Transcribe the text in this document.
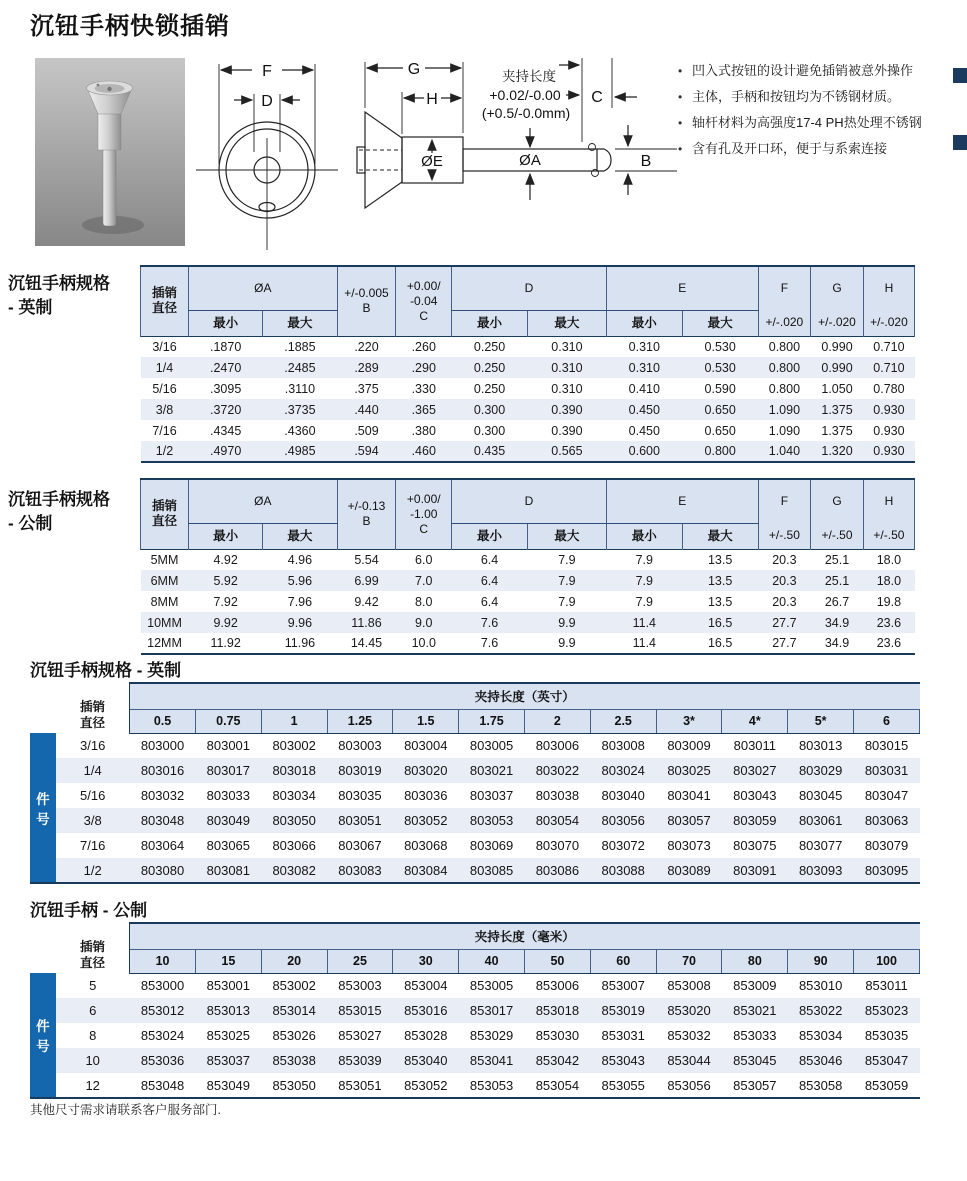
沉钮手柄快锁插销
F
D
G
H
夹持长度
+0.02/-0.00
(+0.5/-0.0mm)
C
B
ØE	ØA
• 凹入式按钮的设计避免插销被意外操作
• 主体，手柄和按钮均为不锈钢材质。
• 轴杆材料为高强度17-4 PH热处理不锈钢
• 含有孔及开口环，便于与系索连接
沉钮手柄规格
- 英制
插销
直径
	ØA	+/-0.005
B

+0.00/
-0.04
C
	D	E	F	G	H
	最小	最大			最小	最大	最小	最大	+/-.020	+/-.020	+/-.020
3/16	.1870	.1885	.220	.260	0.250	0.310	0.310	0.530	0.800	0.990	0.710
1/4	.2470	.2485	.289	.290	0.250	0.310	0.310	0.530	0.800	0.990	0.710
5/16	.3095	.3110	.375	.330	0.250	0.310	0.410	0.590	0.800	1.050	0.780
3/8	.3720	.3735	.440	.365	0.300	0.390	0.450	0.650	1.090	1.375	0.930
7/16	.4345	.4360	.509	.380	0.300	0.390	0.450	0.650	1.090	1.375	0.930
1/2	.4970	.4985	.594	.460	0.435	0.565	0.600	0.800	1.040	1.320	0.930
沉钮手柄规格
- 公制
插销
直径
	ØA	+/-0.13
B

+0.00/
-1.00
C
	D	E	F	G	H
	最小	最大			最小	最大	最小	最大	+/-.50	+/-.50	+/-.50
5MM	4.92	4.96	5.54	6.0	6.4	7.9	7.9	13.5	20.3	25.1	18.0
6MM	5.92	5.96	6.99	7.0	6.4	7.9	7.9	13.5	20.3	25.1	18.0
8MM	7.92	7.96	9.42	8.0	6.4	7.9	7.9	13.5	20.3	26.7	19.8
10MM	9.92	9.96	11.86	9.0	7.6	9.9	11.4	16.5	27.7	34.9	23.6
12MM	11.92	11.96	14.45	10.0	7.6	9.9	11.4	16.5	27.7	34.9	23.6
沉钮手柄规格 - 英制
插销
直径		夹持长度（英寸）											
		0.5	0.75	1	1.25	1.5	1.75	2	2.5	3*	4*	5*	6

件
号	3/16	803000	803001	803002	803003	803004	803005	803006	803008	803009	803011	803013	803015
	1/4	803016	803017	803018	803019	803020	803021	803022	803024	803025	803027	803029	803031
	5/16	803032	803033	803034	803035	803036	803037	803038	803040	803041	803043	803045	803047
	3/8	803048	803049	803050	803051	803052	803053	803054	803056	803057	803059	803061	803063
	7/16	803064	803065	803066	803067	803068	803069	803070	803072	803073	803075	803077	803079
	1/2	803080	803081	803082	803083	803084	803085	803086	803088	803089	803091	803093	803095
沉钮手柄 - 公制
插销
直径		夹持长度（毫米）											
		10	15	20	25	30	40	50	60	70	80	90	100

件
号	5	853000	853001	853002	853003	853004	853005	853006	853007	853008	853009	853010	853011
	6	853012	853013	853014	853015	853016	853017	853018	853019	853020	853021	853022	853023
	8	853024	853025	853026	853027	853028	853029	853030	853031	853032	853033	853034	853035
	10	853036	853037	853038	853039	853040	853041	853042	853043	853044	853045	853046	853047
	12	853048	853049	853050	853051	853052	853053	853054	853055	853056	853057	853058	853059
其他尺寸需求请联系客户服务部门.
